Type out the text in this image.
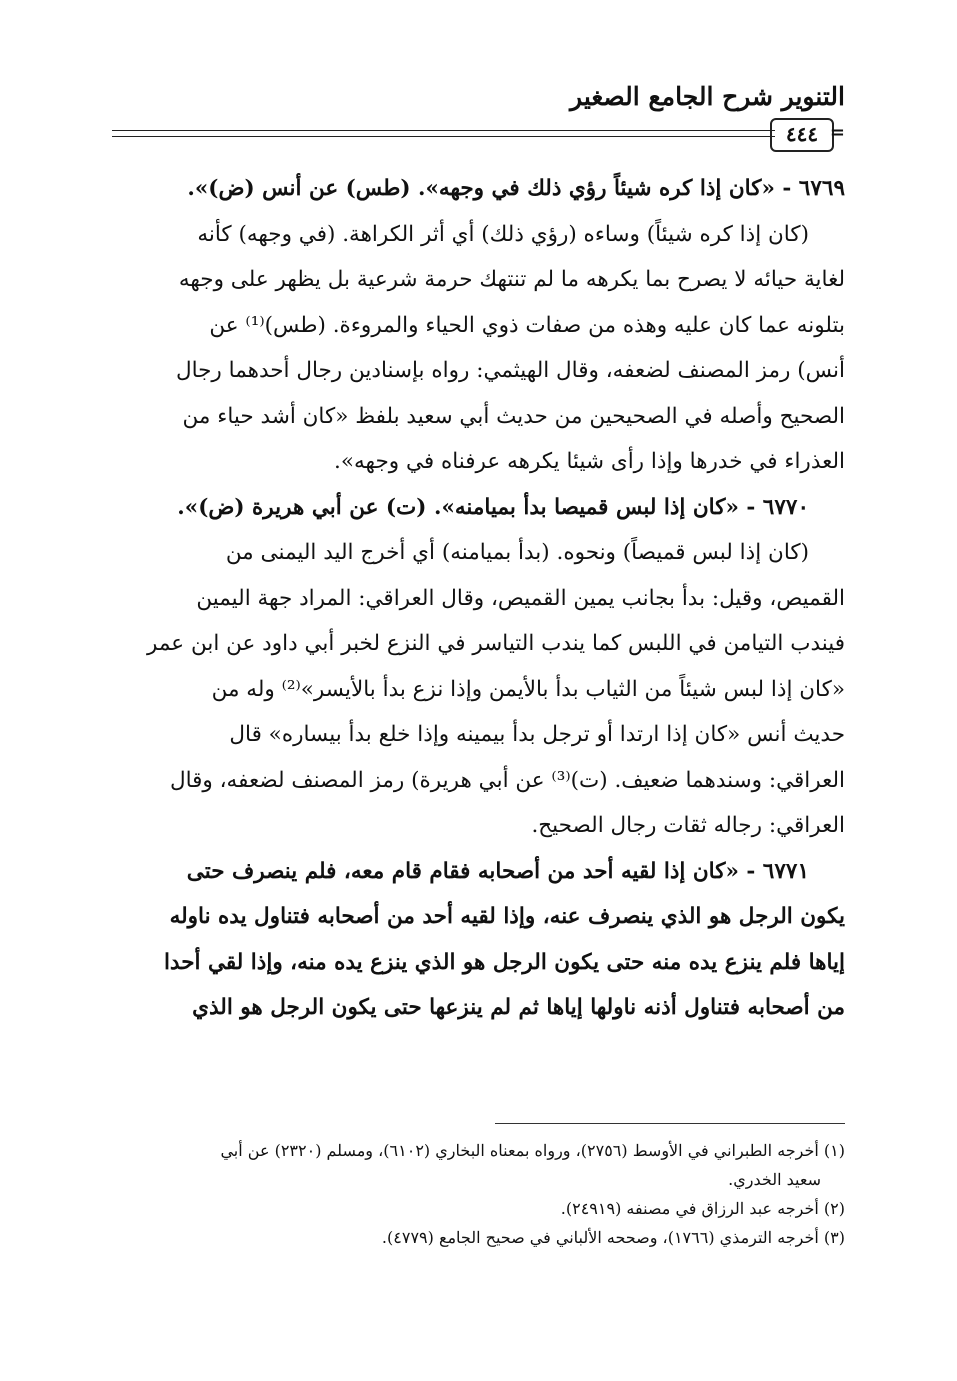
التنوير شرح الجامع الصغير
٤٤٤ =

٦٧٦٩ - «كان إذا كره شيئاً رؤي ذلك في وجهه». (طس) عن أنس (ض)».

(كان إذا كره شيئاً) وساءه (رؤي ذلك) أي أثر الكراهة. (في وجهه) كأنه

لغاية حيائه لا يصرح بما يكرهه ما لم تنتهك حرمة شرعية بل يظهر على وجهه

بتلونه عما كان عليه وهذه من صفات ذوي الحياء والمروءة. (طس)⁽¹⁾ عن

أنس) رمز المصنف لضعفه، وقال الهيثمي: رواه بإسنادين رجال أحدهما رجال

الصحيح وأصله في الصحيحين من حديث أبي سعيد بلفظ «كان أشد حياء من

العذراء في خدرها وإذا رأى شيئا يكرهه عرفناه في وجهه».

٦٧٧٠ - «كان إذا لبس قميصا بدأ بميامنه». (ت) عن أبي هريرة (ض)».

(كان إذا لبس قميصاً) ونحوه. (بدأ بميامنه) أي أخرج اليد اليمنى من

القميص، وقيل: بدأ بجانب يمين القميص، وقال العراقي: المراد جهة اليمين

فيندب التيامن في اللبس كما يندب التياسر في النزع لخبر أبي داود عن ابن عمر

«كان إذا لبس شيئاً من الثياب بدأ بالأيمن وإذا نزع بدأ بالأيسر»⁽²⁾ وله من

حديث أنس «كان إذا ارتدا أو ترجل بدأ بيمينه وإذا خلع بدأ بيساره» قال

العراقي: وسندهما ضعيف. (ت)⁽³⁾ عن أبي هريرة) رمز المصنف لضعفه، وقال

العراقي: رجاله ثقات رجال الصحيح.

٦٧٧١ - «كان إذا لقيه أحد من أصحابه فقام قام معه، فلم ينصرف حتى

يكون الرجل هو الذي ينصرف عنه، وإذا لقيه أحد من أصحابه فتناول يده ناوله

إياها فلم ينزع يده منه حتى يكون الرجل هو الذي ينزع يده منه، وإذا لقي أحدا

من أصحابه فتناول أذنه ناولها إياها ثم لم ينزعها حتى يكون الرجل هو الذي

(١) أخرجه الطبراني في الأوسط (٢٧٥٦)، ورواه بمعناه البخاري (٦١٠٢)، ومسلم (٢٣٢٠) عن أبي

سعيد الخدري.

(٢) أخرجه عبد الرزاق في مصنفه (٢٤٩١٩).

(٣) أخرجه الترمذي (١٧٦٦)، وصححه الألباني في صحيح الجامع (٤٧٧٩).
